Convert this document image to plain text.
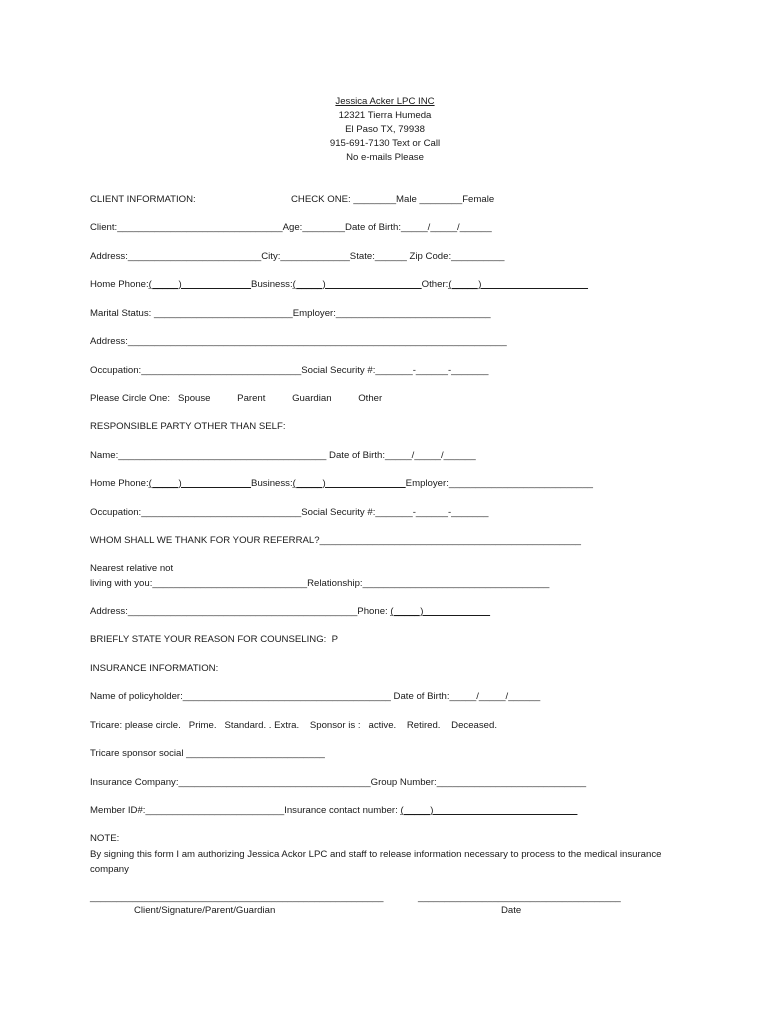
Jessica Acker LPC INC
12321 Tierra Humeda
El Paso TX, 79938
915-691-7130 Text or Call
No e-mails Please
CLIENT INFORMATION:	CHECK ONE: ________Male ________Female
Client:_______________________________Age:________Date of Birth:_____/_____/______
Address:_________________________City:_____________State:______ Zip Code:__________
Home Phone:(_____)                          Business:(_____)                                    Other:(_____)
Marital Status: __________________________Employer:_____________________________
Address:_______________________________________________________________________
Occupation:______________________________Social Security #:_______-______-_______
Please Circle One:   Spouse          Parent          Guardian          Other
RESPONSIBLE PARTY OTHER THAN SELF:
Name:_______________________________________ Date of Birth:_____/_____/______
Home Phone:(_____)                          Business:(_____)                              Employer:___________________________
Occupation:______________________________Social Security #:_______-______-_______
WHOM SHALL WE THANK FOR YOUR REFERRAL?_________________________________________________
Nearest relative not
living with you:_____________________________Relationship:___________________________________
Address:___________________________________________Phone: (_____)
BRIEFLY STATE YOUR REASON FOR COUNSELING:  P
INSURANCE INFORMATION:
Name of policyholder:_______________________________________ Date of Birth:_____/_____/______
Tricare: please circle.   Prime.   Standard. . Extra.    Sponsor is :   active.    Retired.    Deceased.
Tricare sponsor social __________________________
Insurance Company:____________________________________Group Number:____________________________
Member ID#:__________________________Insurance contact number: (_____)
NOTE:
By signing this form I am authorizing Jessica Ackor LPC and staff to release information necessary to process to the medical insurance company
_______________________________________________________	______________________________________
Client/Signature/Parent/Guardian	Date
